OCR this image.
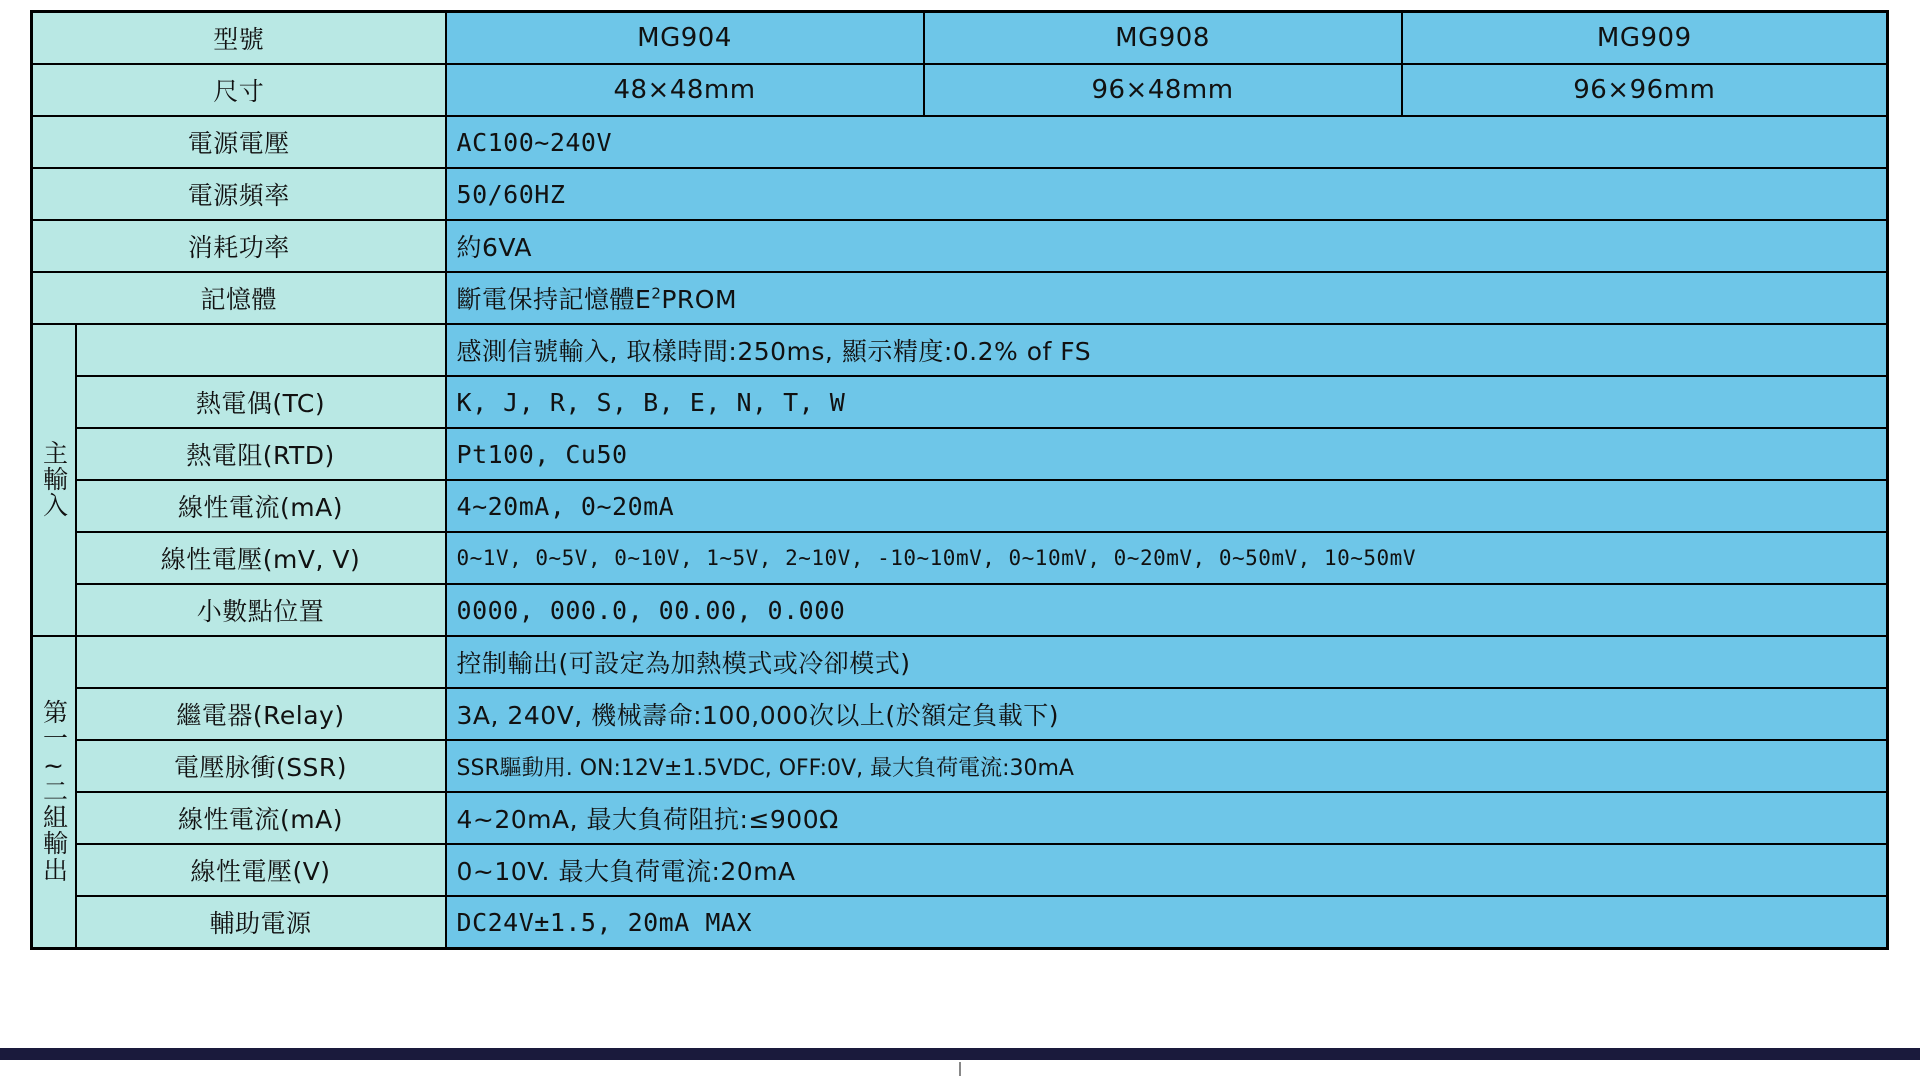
型號		MG904	MG908	MG909
尺寸		48×48mm	96×48mm	96×96mm
電源電壓		AC100~240V		
電源頻率		50/60HZ		
消耗功率		約6VA		
記憶體		斷電保持記憶體$E^2PROM$		

主
輸
入		感測信號輸入, 取樣時間:250ms, 顯示精度:0.2% of FS		
	熱電偶(TC)	K, J, R, S, B, E, N, T, W		
	熱電阻(RTD)	Pt100, Cu50		
	線性電流(mA)	4~20mA, 0~20mA		
	線性電壓(mV, V)	0~1V, 0~5V, 0~10V, 1~5V, 2~10V, -10~10mV, 0~10mV, 0~20mV, 0~50mV, 10~50mV		
	小數點位置	0000, 000.0, 00.00, 0.000		

第
一
~
二
組
輸
出
		控制輸出(可設定為加熱模式或冷卻模式)
	繼電器(Relay)	3A, 240V, 機械壽命:100,000次以上(於額定負載下)		
	電壓脉衝(SSR)	SSR驅動用. ON:12V±1.5VDC, OFF:0V, 最大負荷電流:30mA		
	線性電流(mA)	4~20mA, 最大負荷阻抗:≤900Ω		
	線性電壓(V)	0~10V. 最大負荷電流:20mA		
	輔助電源	DC24V±1.5, 20mA MAX		
